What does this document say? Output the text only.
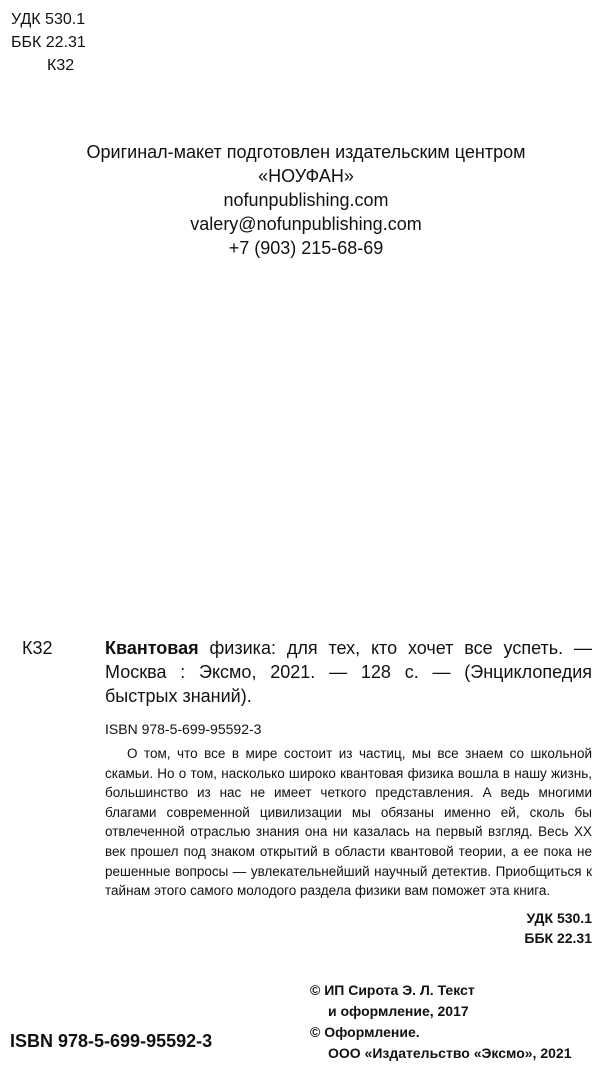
УДК 530.1
ББК 22.31
К32
Оригинал-макет подготовлен издательским центром
«НОУФАН»
nofunpublishing.com
valery@nofunpublishing.com
+7 (903) 215-68-69
К32	Квантовая физика: для тех, кто хочет все успеть. — Москва : Эксмо, 2021. — 128 с. — (Энциклопедия быстрых знаний).
ISBN 978-5-699-95592-3
О том, что все в мире состоит из частиц, мы все знаем со школьной скамьи. Но о том, насколько широко квантовая физика вошла в нашу жизнь, большинство из нас не имеет четкого представления. А ведь многими благами современной цивилизации мы обязаны именно ей, сколь бы отвлеченной отраслью знания она ни казалась на первый взгляд. Весь XX век прошел под знаком открытий в области квантовой теории, а ее пока не решенные вопросы — увлекательнейший научный детектив. Приобщиться к тайнам этого самого молодого раздела физики вам поможет эта книга.
УДК 530.1
ББК 22.31
© ИП Сирота Э. Л. Текст
и оформление, 2017
© Оформление.
ООО «Издательство «Эксмо», 2021
ISBN 978-5-699-95592-3
